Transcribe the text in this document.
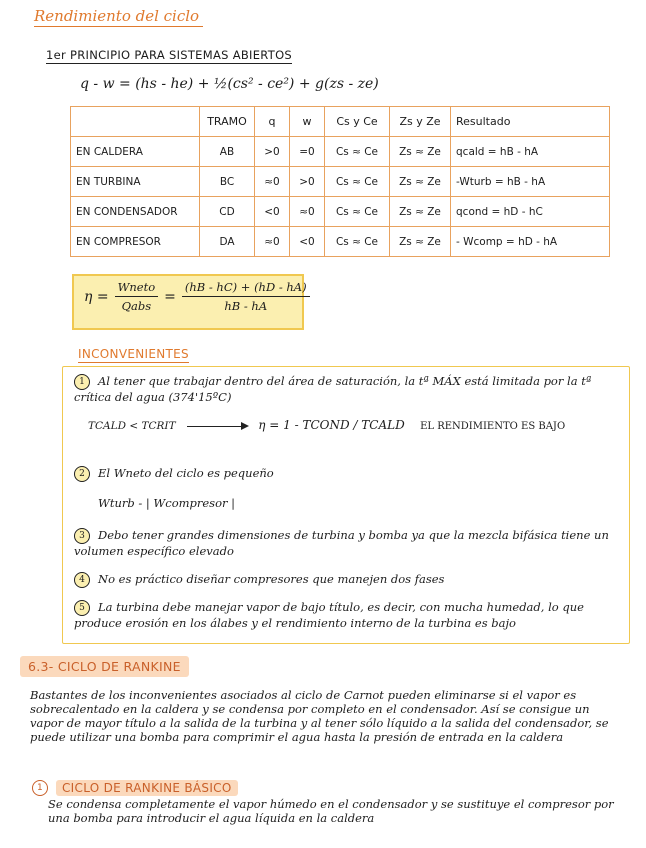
Rendimiento del ciclo
1er PRINCIPIO PARA SISTEMAS ABIERTOS
q - w = (hs - he) + ½(cs² - ce²) + g(zs - ze)
	TRAMO	q	w	Cs y Ce	Zs y Ze	Resultado
EN CALDERA	AB	>0	=0	Cs ≈ Ce	Zs ≈ Ze	qcald = hB - hA
EN TURBINA	BC	≈0	>0	Cs ≈ Ce	Zs ≈ Ze	-Wturb = hB - hA
EN CONDENSADOR	CD	<0	≈0	Cs ≈ Ce	Zs ≈ Ze	qcond = hD - hC
EN COMPRESOR	DA	≈0	<0	Cs ≈ Ce	Zs ≈ Ze	- Wcomp = hD - hA
$\eta = \frac{\text{Wneto}}{\text{Qabs}} = \frac{(hB - hC) + (hD - hA)}{hB - hA}$
INCONVENIENTES
1 Al tener que trabajar dentro del área de saturación, la tª MÁX está limitada por la tª crítica del agua (374'15ºC)
TCALD < TCRIT	η = 1 - TCOND / TCALD EL RENDIMIENTO ES BAJO
2 El Wneto del ciclo es pequeño
Wturb - | Wcompresor |
3 Debo tener grandes dimensiones de turbina y bomba ya que la mezcla bifásica tiene un volumen específico elevado
4 No es práctico diseñar compresores que manejen dos fases
5 La turbina debe manejar vapor de bajo título, es decir, con mucha humedad, lo que produce erosión en los álabes y el rendimiento interno de la turbina es bajo
6.3- CICLO DE RANKINE
Bastantes de los inconvenientes asociados al ciclo de Carnot pueden eliminarse si el vapor es sobrecalentado en la caldera y se condensa por completo en el condensador. Así se consigue un vapor de mayor título a la salida de la turbina y al tener sólo líquido a la salida del condensador, se puede utilizar una bomba para comprimir el agua hasta la presión de entrada en la caldera
1 CICLO DE RANKINE BÁSICO
Se condensa completamente el vapor húmedo en el condensador y se sustituye el compresor por una bomba para introducir el agua líquida en la caldera
